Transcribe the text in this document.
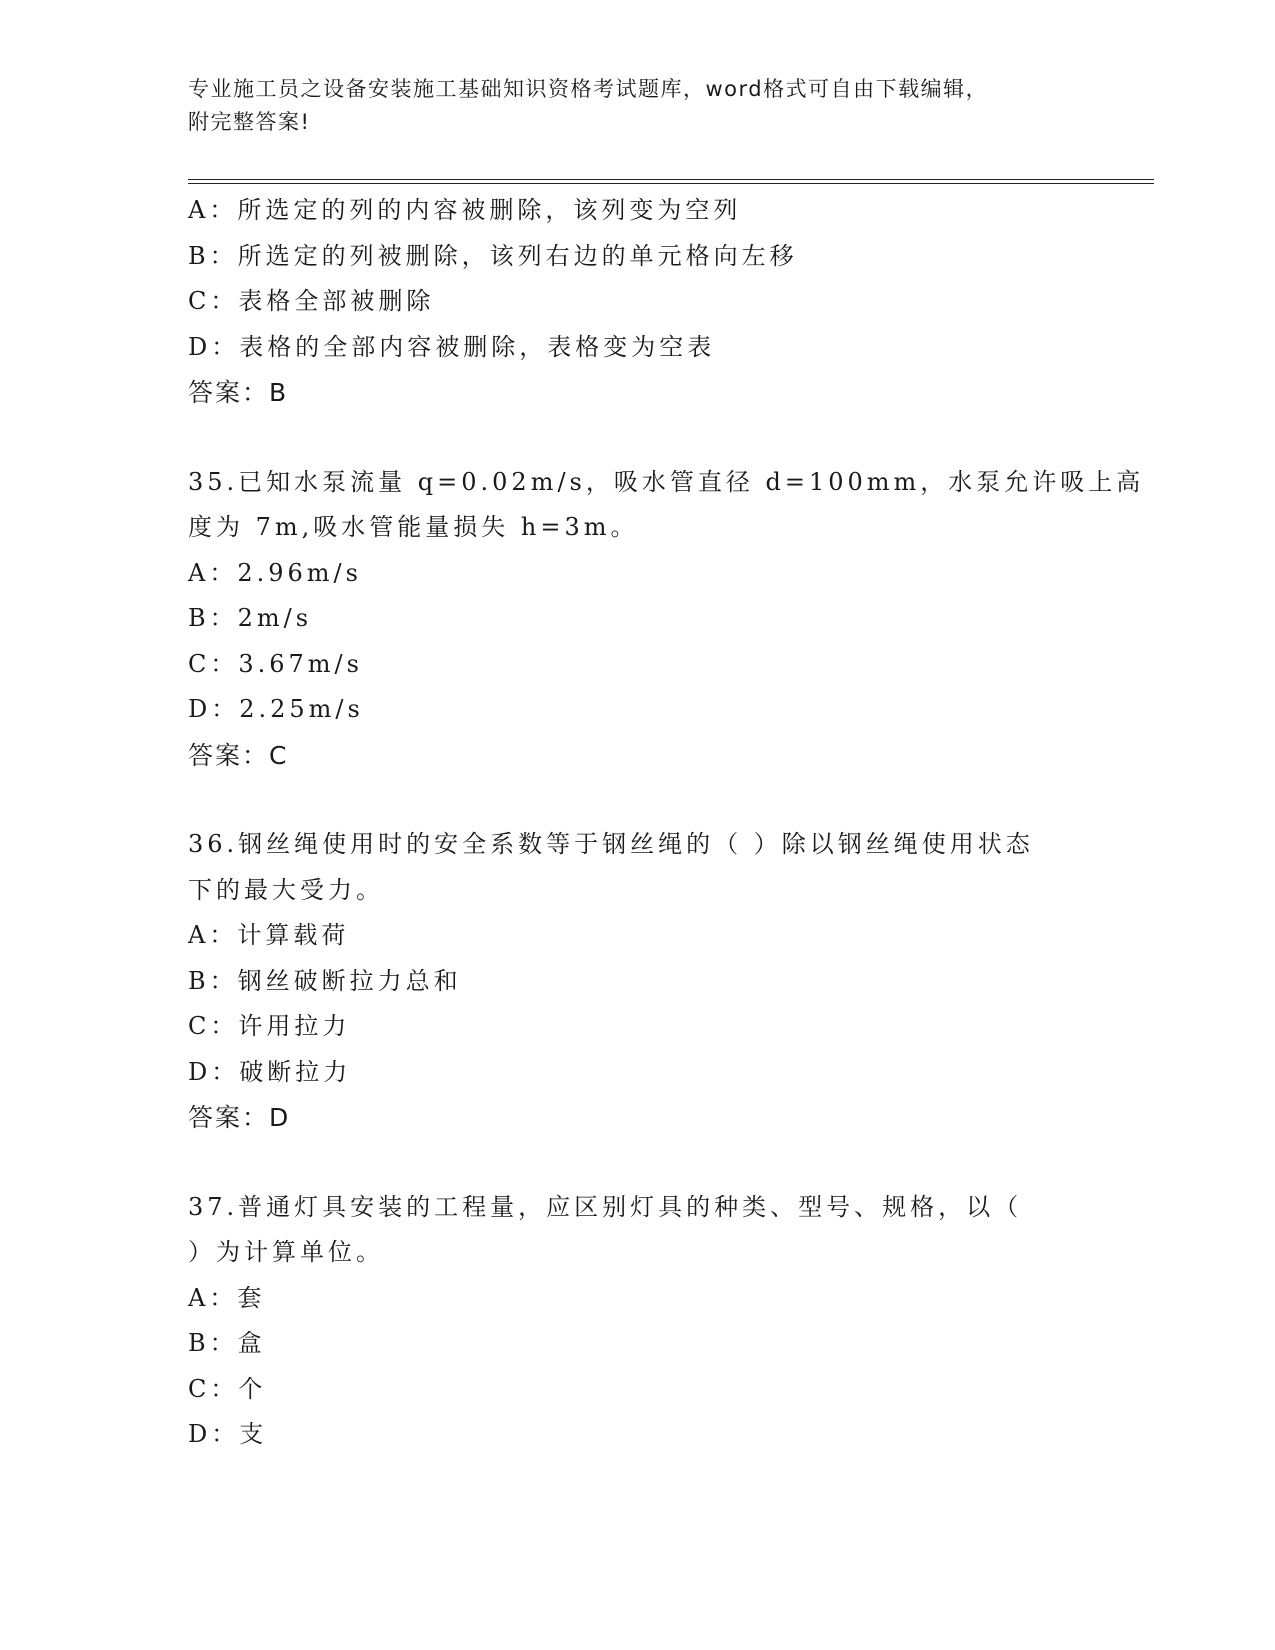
专业施工员之设备安装施工基础知识资格考试题库，word格式可自由下载编辑，
附完整答案!
A：所选定的列的内容被删除，该列变为空列
B：所选定的列被删除，该列右边的单元格向左移
C：表格全部被删除
D：表格的全部内容被删除，表格变为空表
答案：B
35.已知水泵流量 q=0.02m/s，吸水管直径 d=100mm，水泵允许吸上高
度为 7m,吸水管能量损失 h=3m。
A：2.96m/s
B：2m/s
C：3.67m/s
D：2.25m/s
答案：C
36.钢丝绳使用时的安全系数等于钢丝绳的（ ）除以钢丝绳使用状态
下的最大受力。
A：计算载荷
B：钢丝破断拉力总和
C：许用拉力
D：破断拉力
答案：D
37.普通灯具安装的工程量，应区别灯具的种类、型号、规格，以（
）为计算单位。
A：套
B：盒
C：个
D：支
